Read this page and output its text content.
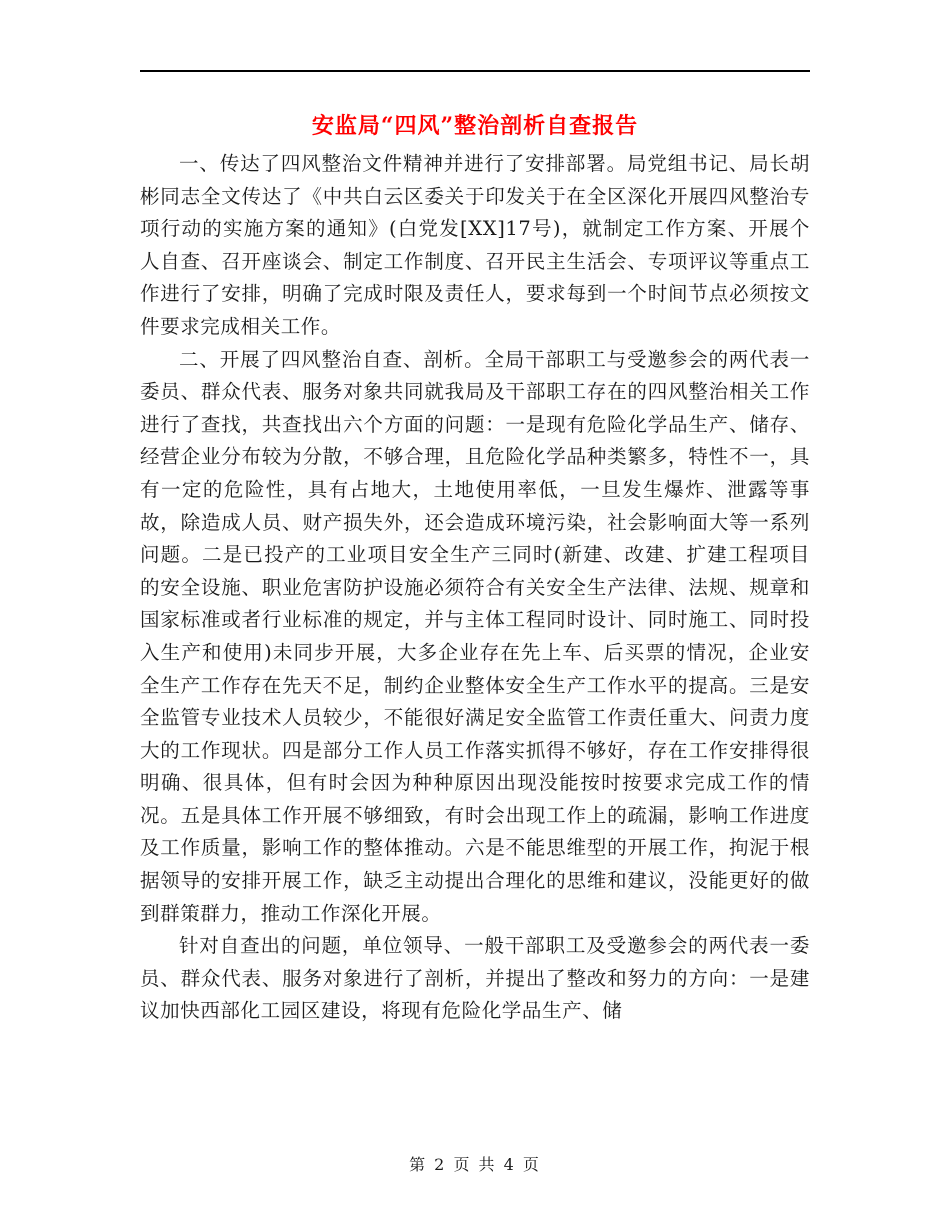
安监局“四风”整治剖析自查报告

一、传达了四风整治文件精神并进行了安排部署。局党组书记、局长胡彬同志全文传达了《中共白云区委关于印发关于在全区深化开展四风整治专项行动的实施方案的通知》(白党发[XX]17号)，就制定工作方案、开展个人自查、召开座谈会、制定工作制度、召开民主生活会、专项评议等重点工作进行了安排，明确了完成时限及责任人，要求每到一个时间节点必须按文件要求完成相关工作。

二、开展了四风整治自查、剖析。全局干部职工与受邀参会的两代表一委员、群众代表、服务对象共同就我局及干部职工存在的四风整治相关工作进行了查找，共查找出六个方面的问题：一是现有危险化学品生产、储存、经营企业分布较为分散，不够合理，且危险化学品种类繁多，特性不一，具有一定的危险性，具有占地大，土地使用率低，一旦发生爆炸、泄露等事故，除造成人员、财产损失外，还会造成环境污染，社会影响面大等一系列问题。二是已投产的工业项目安全生产三同时(新建、改建、扩建工程项目的安全设施、职业危害防护设施必须符合有关安全生产法律、法规、规章和国家标准或者行业标准的规定，并与主体工程同时设计、同时施工、同时投入生产和使用)未同步开展，大多企业存在先上车、后买票的情况，企业安全生产工作存在先天不足，制约企业整体安全生产工作水平的提高。三是安全监管专业技术人员较少，不能很好满足安全监管工作责任重大、问责力度大的工作现状。四是部分工作人员工作落实抓得不够好，存在工作安排得很明确、很具体，但有时会因为种种原因出现没能按时按要求完成工作的情况。五是具体工作开展不够细致，有时会出现工作上的疏漏，影响工作进度及工作质量，影响工作的整体推动。六是不能思维型的开展工作，拘泥于根据领导的安排开展工作，缺乏主动提出合理化的思维和建议，没能更好的做到群策群力，推动工作深化开展。

针对自查出的问题，单位领导、一般干部职工及受邀参会的两代表一委员、群众代表、服务对象进行了剖析，并提出了整改和努力的方向：一是建议加快西部化工园区建设，将现有危险化学品生产、储

第 2 页 共 4 页
